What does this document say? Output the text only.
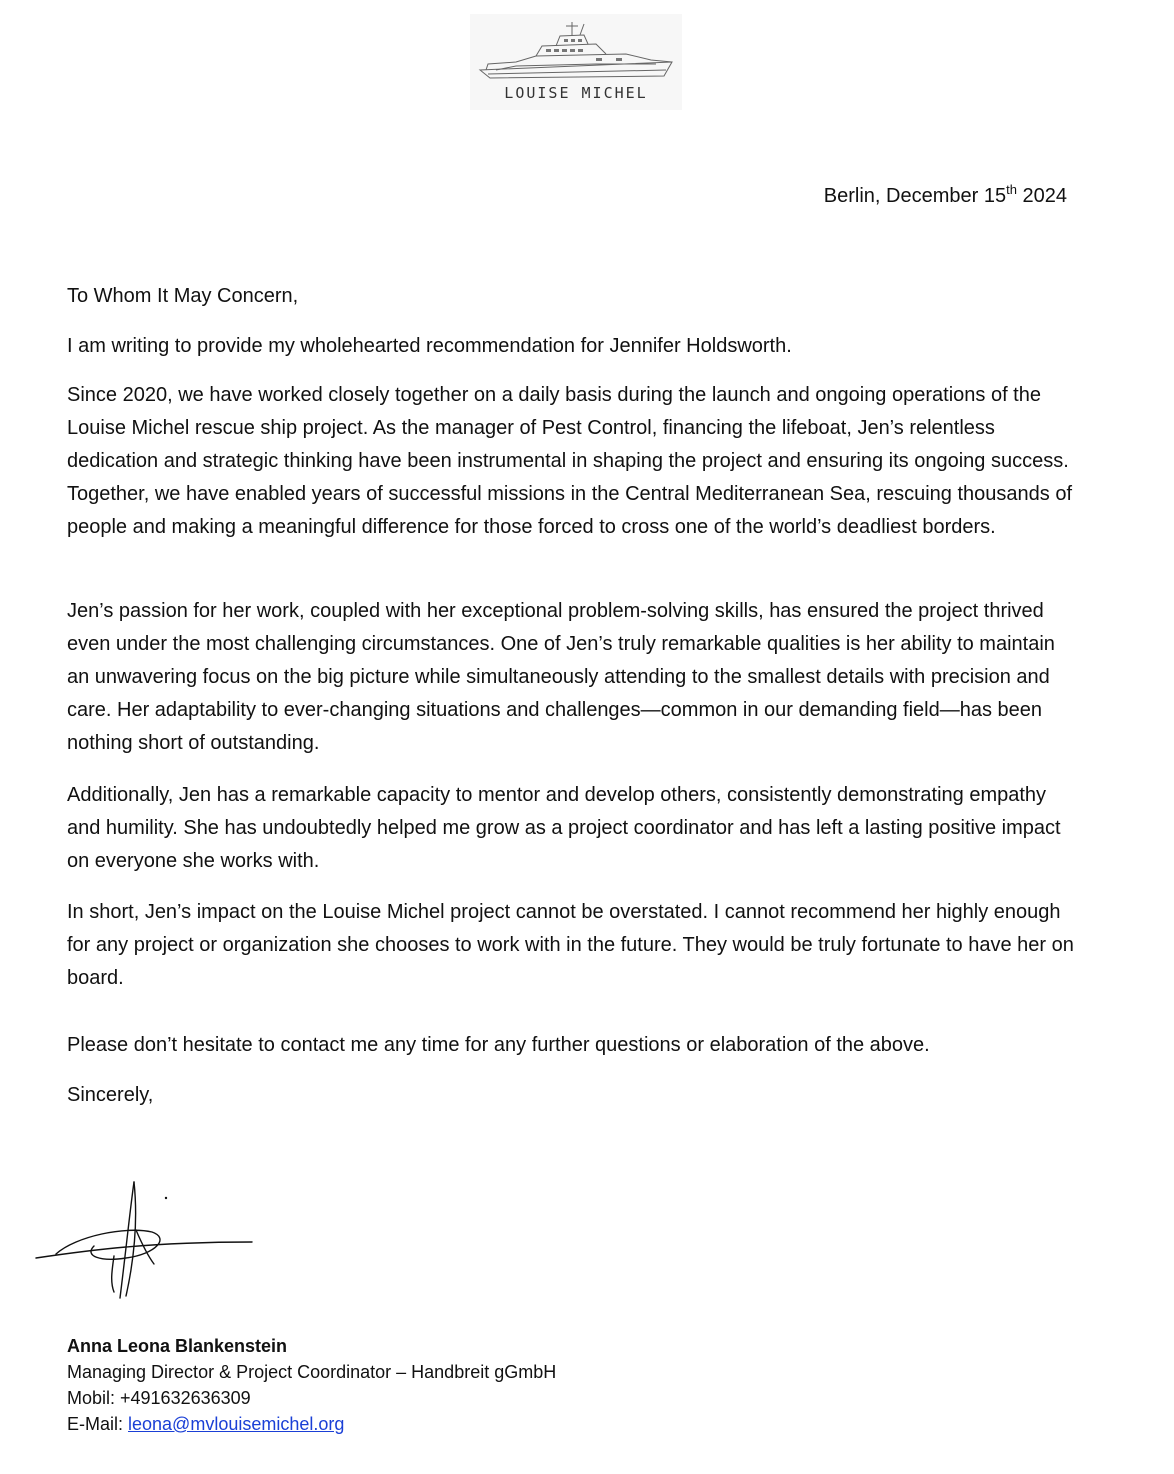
LOUISE MICHEL
Berlin, December 15th 2024

To Whom It May Concern,

I am writing to provide my wholehearted recommendation for Jennifer Holdsworth.

Since 2020, we have worked closely together on a daily basis during the launch and ongoing operations of the Louise Michel rescue ship project. As the manager of Pest Control, financing the lifeboat, Jen’s relentless dedication and strategic thinking have been instrumental in shaping the project and ensuring its ongoing success. Together, we have enabled years of successful missions in the Central Mediterranean Sea, rescuing thousands of people and making a meaningful difference for those forced to cross one of the world’s deadliest borders.

Jen’s passion for her work, coupled with her exceptional problem-solving skills, has ensured the project thrived even under the most challenging circumstances. One of Jen’s truly remarkable qualities is her ability to maintain an unwavering focus on the big picture while simultaneously attending to the smallest details with precision and care. Her adaptability to ever-changing situations and challenges—common in our demanding field—has been nothing short of outstanding.

Additionally, Jen has a remarkable capacity to mentor and develop others, consistently demonstrating empathy and humility. She has undoubtedly helped me grow as a project coordinator and has left a lasting positive impact on everyone she works with.

In short, Jen’s impact on the Louise Michel project cannot be overstated. I cannot recommend her highly enough for any project or organization she chooses to work with in the future. They would be truly fortunate to have her on board.

Please don’t hesitate to contact me any time for any further questions or elaboration of the above.

Sincerely,

Anna Leona Blankenstein
Managing Director & Project Coordinator – Handbreit gGmbH
Mobil: +491632636309
E-Mail: leona@mvlouisemichel.org
